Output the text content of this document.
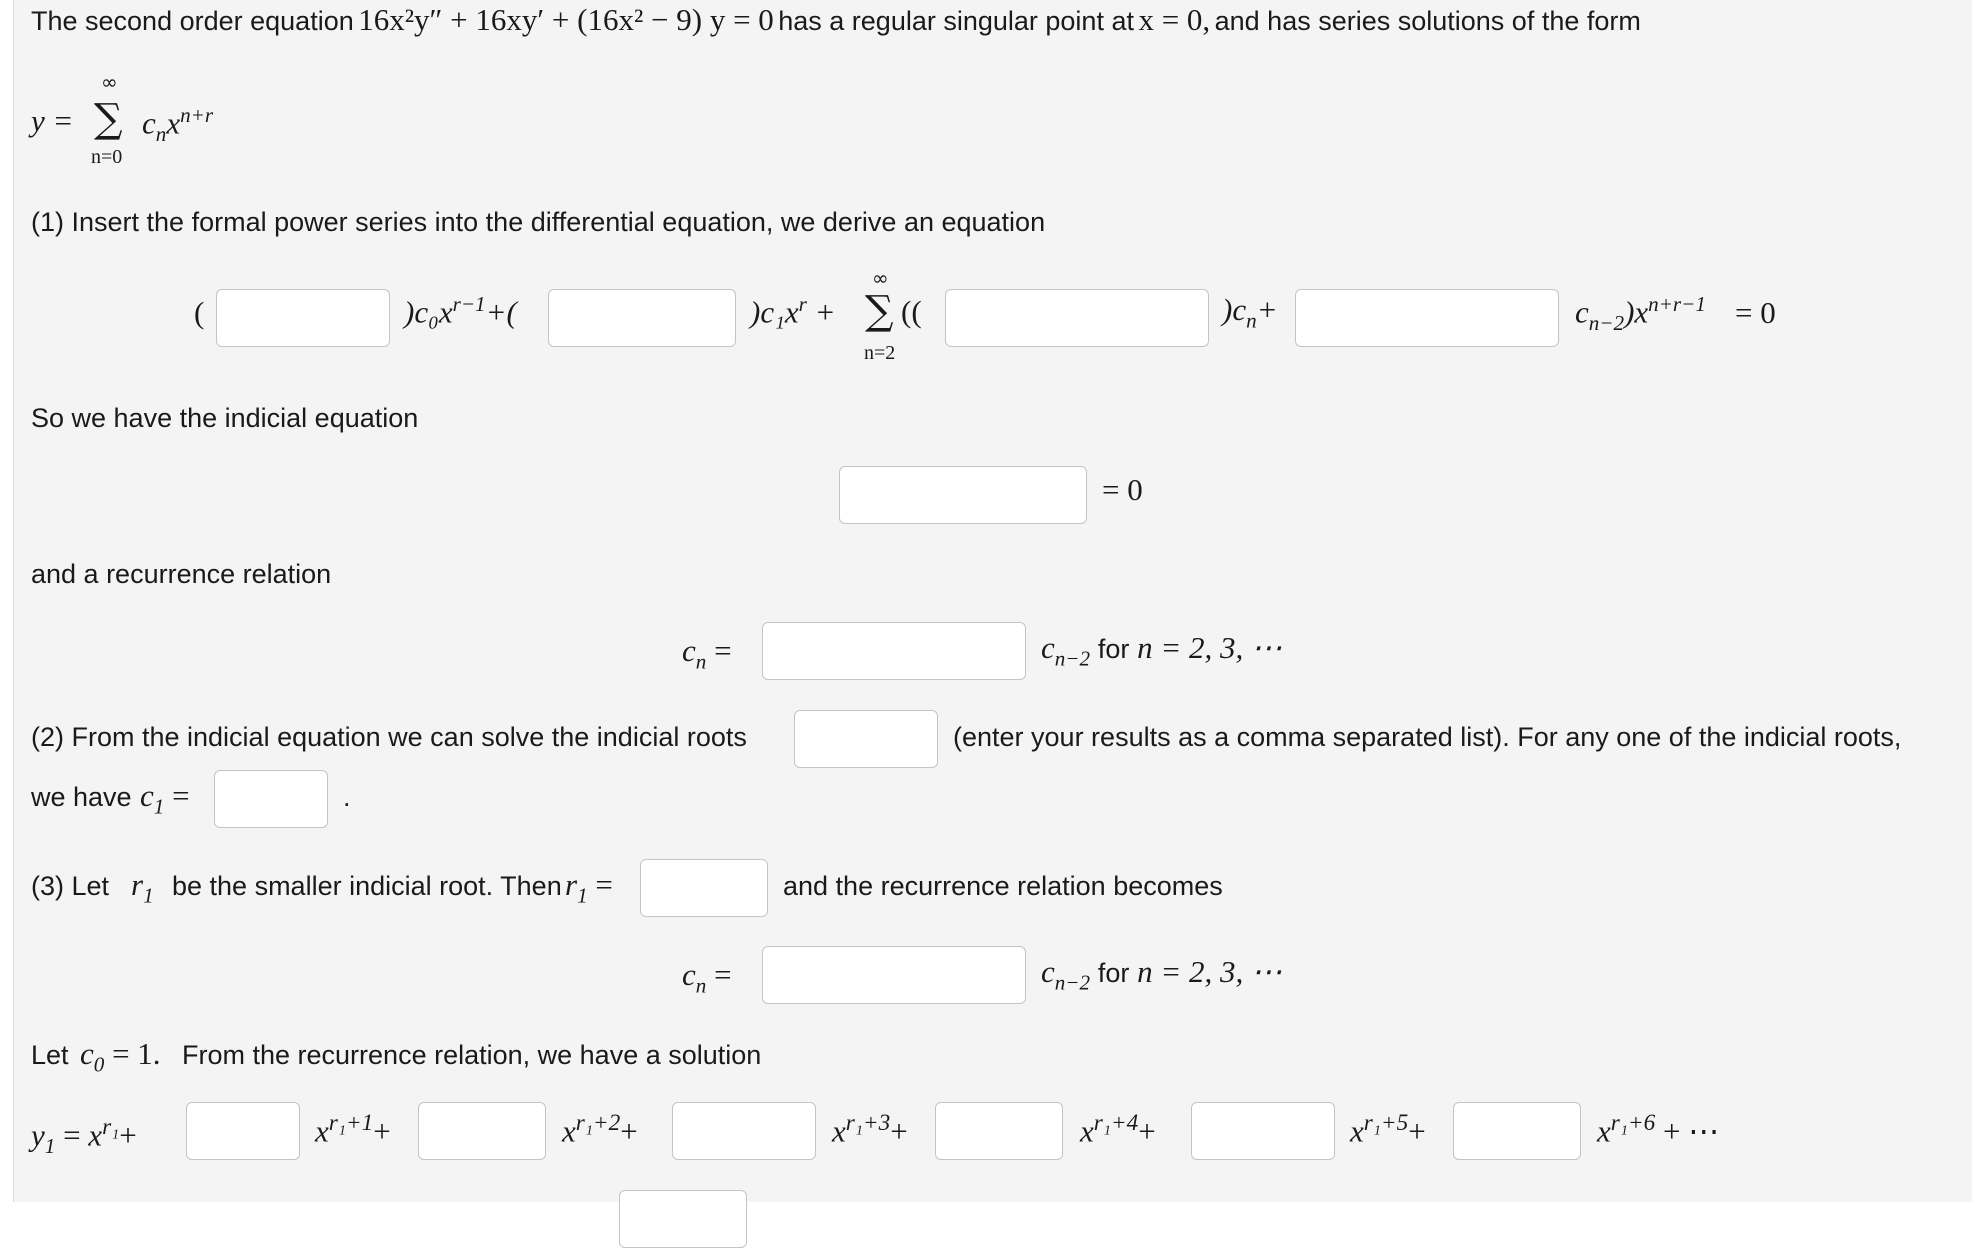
The second order equation 16x²y″ + 16xy′ + (16x² − 9) y = 0 has a regular singular point at x = 0, and has series solutions of the form
y =
∞
∑
n=0
$c_nx^{n+r}$
(1) Insert the formal power series into the differential equation, we derive an equation
(	)$c_0x^{r-1}+$(	)$c_1x^r$ +
∞
∑
n=2
((	)$c_n+$	$c_{n-2})x^{n+r-1} = 0$
So we have the indicial equation
= 0
and a recurrence relation
$c_n$ =	$c_{n-2}$ for n = 2, 3, ⋯
(2) From the indicial equation we can solve the indicial roots	(enter your results as a comma separated list). For any one of the indicial roots,
we have $c_1$ =	.
(3) Let $r_1$ be the smaller indicial root. Then $r_1$ =	and the recurrence relation becomes
$c_n$ =	$c_{n-2}$ for n = 2, 3, ⋯
Let $c_0 = 1$. From the recurrence relation, we have a solution
$y_1 = x^{r_1}+$	$x^{r_1+1}+$	$x^{r_1+2}+$	$x^{r_1+3}+$	$x^{r_1+4}+$	$x^{r_1+5}+$	$x^{r_1+6}$ + ⋯
